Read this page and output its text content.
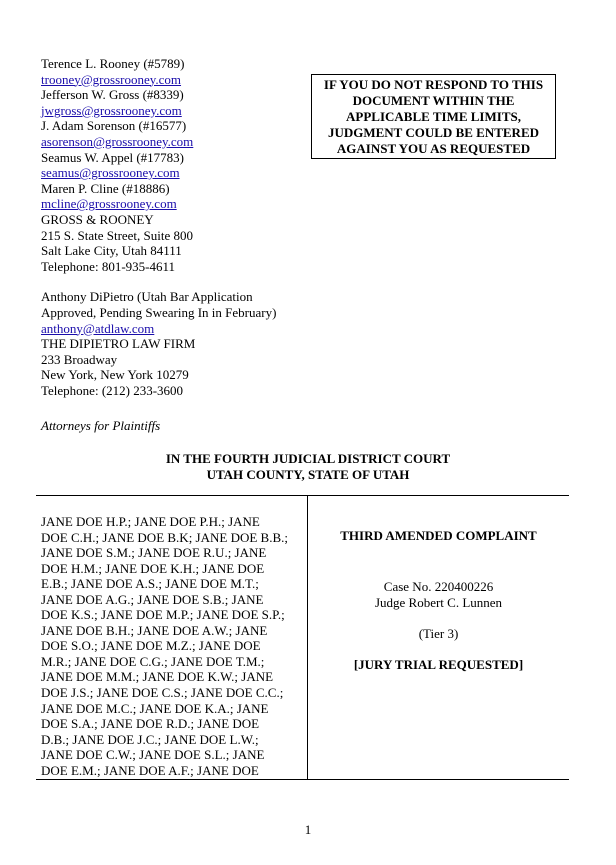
Terence L. Rooney (#5789)
trooney@grossrooney.com
Jefferson W. Gross (#8339)
jwgross@grossrooney.com
J. Adam Sorenson (#16577)
asorenson@grossrooney.com
Seamus W. Appel (#17783)
seamus@grossrooney.com
Maren P. Cline (#18886)
mcline@grossrooney.com
GROSS & ROONEY
215 S. State Street, Suite 800
Salt Lake City, Utah 84111
Telephone: 801-935-4611
Anthony DiPietro (Utah Bar Application
Approved, Pending Swearing In in February)
anthony@atdlaw.com
THE DIPIETRO LAW FIRM
233 Broadway
New York, New York 10279
Telephone: (212) 233-3600
IF YOU DO NOT RESPOND TO THIS
DOCUMENT WITHIN THE
APPLICABLE TIME LIMITS,
JUDGMENT COULD BE ENTERED
AGAINST YOU AS REQUESTED
Attorneys for Plaintiffs
IN THE FOURTH JUDICIAL DISTRICT COURT
UTAH COUNTY, STATE OF UTAH
JANE DOE H.P.; JANE DOE P.H.; JANE
DOE C.H.; JANE DOE B.K; JANE DOE B.B.;
JANE DOE S.M.; JANE DOE R.U.; JANE
DOE H.M.; JANE DOE K.H.; JANE DOE
E.B.; JANE DOE A.S.; JANE DOE M.T.;
JANE DOE A.G.; JANE DOE S.B.; JANE
DOE K.S.; JANE DOE M.P.; JANE DOE S.P.;
JANE DOE B.H.; JANE DOE A.W.; JANE
DOE S.O.; JANE DOE M.Z.; JANE DOE
M.R.; JANE DOE C.G.; JANE DOE T.M.;
JANE DOE M.M.; JANE DOE K.W.; JANE
DOE J.S.; JANE DOE C.S.; JANE DOE C.C.;
JANE DOE M.C.; JANE DOE K.A.; JANE
DOE S.A.; JANE DOE R.D.; JANE DOE
D.B.; JANE DOE J.C.; JANE DOE L.W.;
JANE DOE C.W.; JANE DOE S.L.; JANE
DOE E.M.; JANE DOE A.F.; JANE DOE
THIRD AMENDED COMPLAINT
Case No. 220400226
Judge Robert C. Lunnen
(Tier 3)
[JURY TRIAL REQUESTED]
1
